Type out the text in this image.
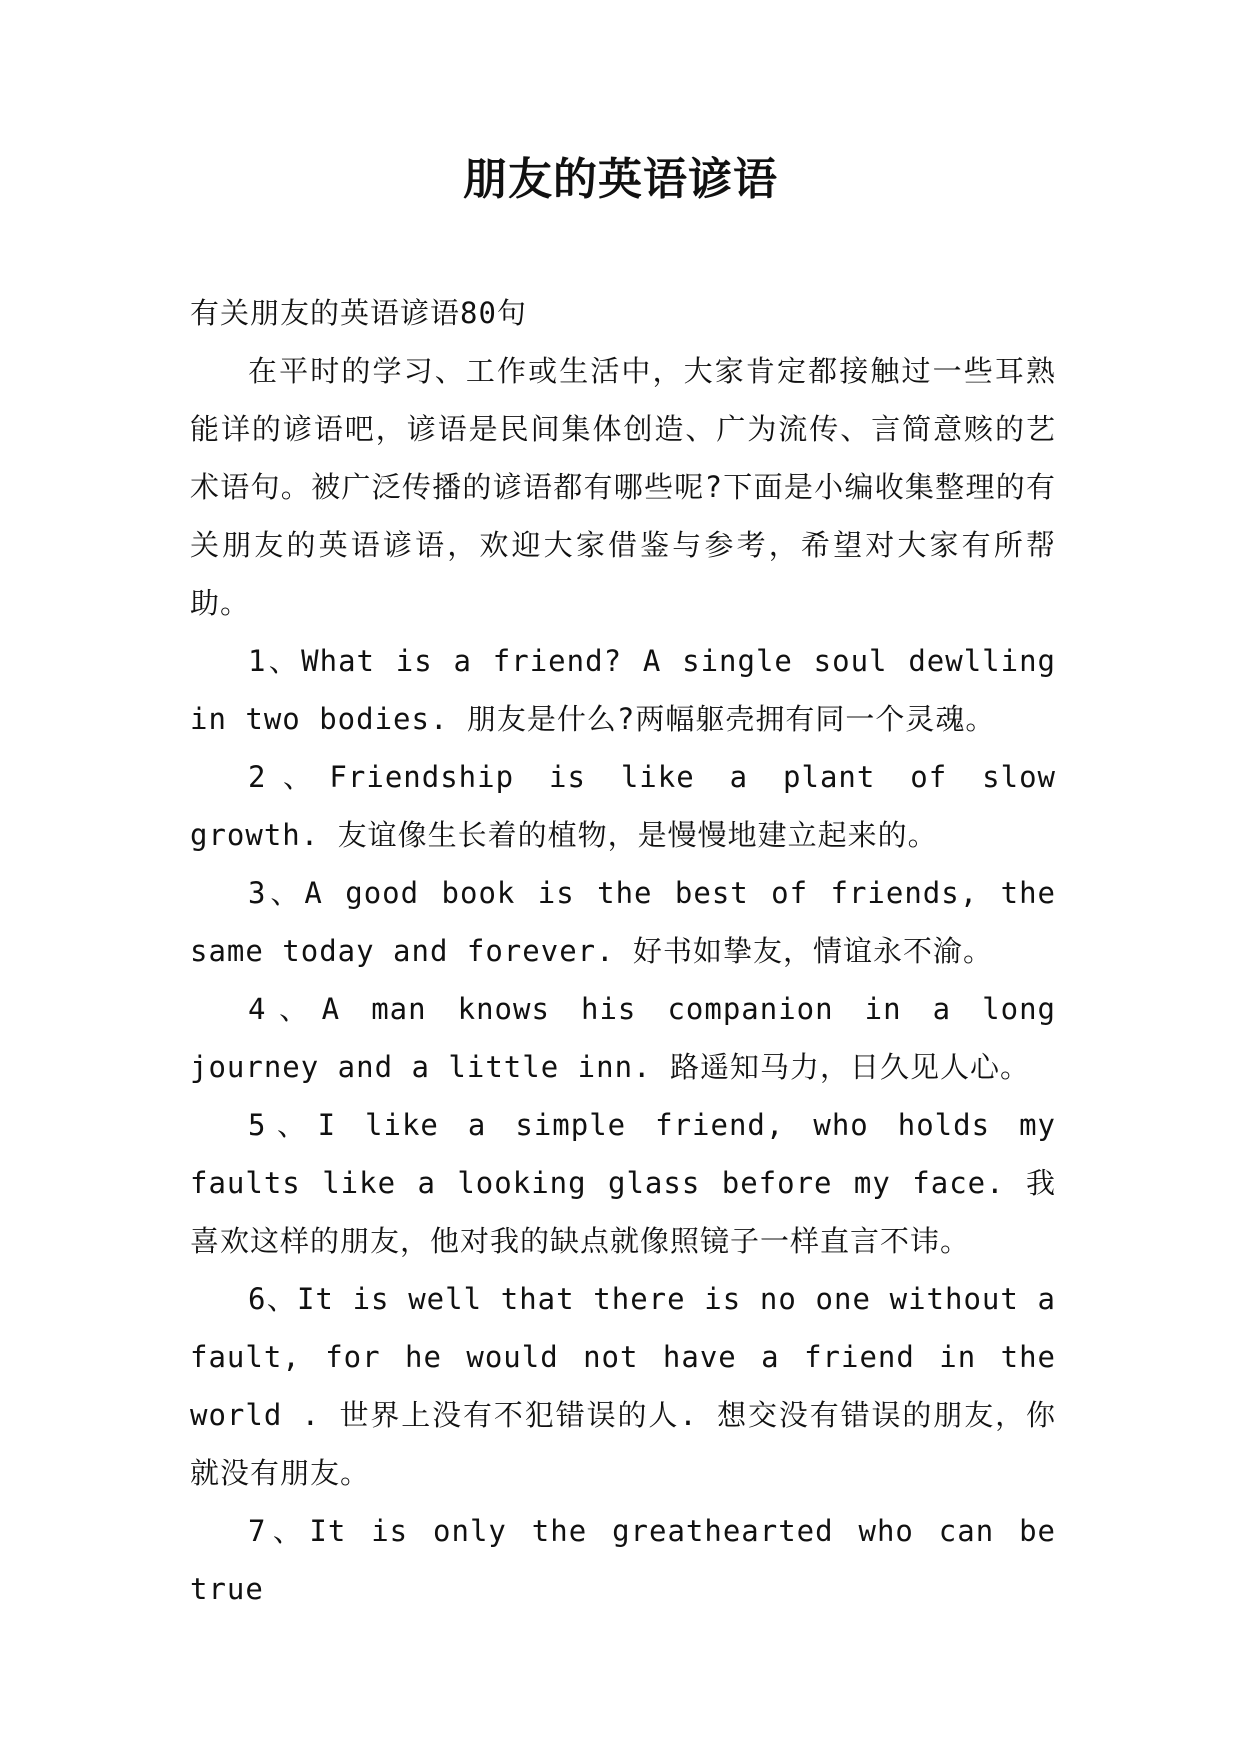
朋友的英语谚语

有关朋友的英语谚语80句

在平时的学习、工作或生活中，大家肯定都接触过一些耳熟能详的谚语吧，谚语是民间集体创造、广为流传、言简意赅的艺术语句。被广泛传播的谚语都有哪些呢?下面是小编收集整理的有关朋友的英语谚语，欢迎大家借鉴与参考，希望对大家有所帮助。

1、What is a friend? A single soul dewlling in two bodies. 朋友是什么?两幅躯壳拥有同一个灵魂。

2、Friendship is like a plant of slow growth. 友谊像生长着的植物，是慢慢地建立起来的。

3、A good book is the best of friends, the same today and forever. 好书如挚友，情谊永不渝。

4、A man knows his companion in a long journey and a little inn. 路遥知马力，日久见人心。

5、I like a simple friend, who holds my faults like a looking glass before my face. 我喜欢这样的朋友，他对我的缺点就像照镜子一样直言不讳。

6、It is well that there is no one without a fault, for he would not have a friend in the world . 世界上没有不犯错误的人. 想交没有错误的朋友，你就没有朋友。

7、It is only the greathearted who can be true
